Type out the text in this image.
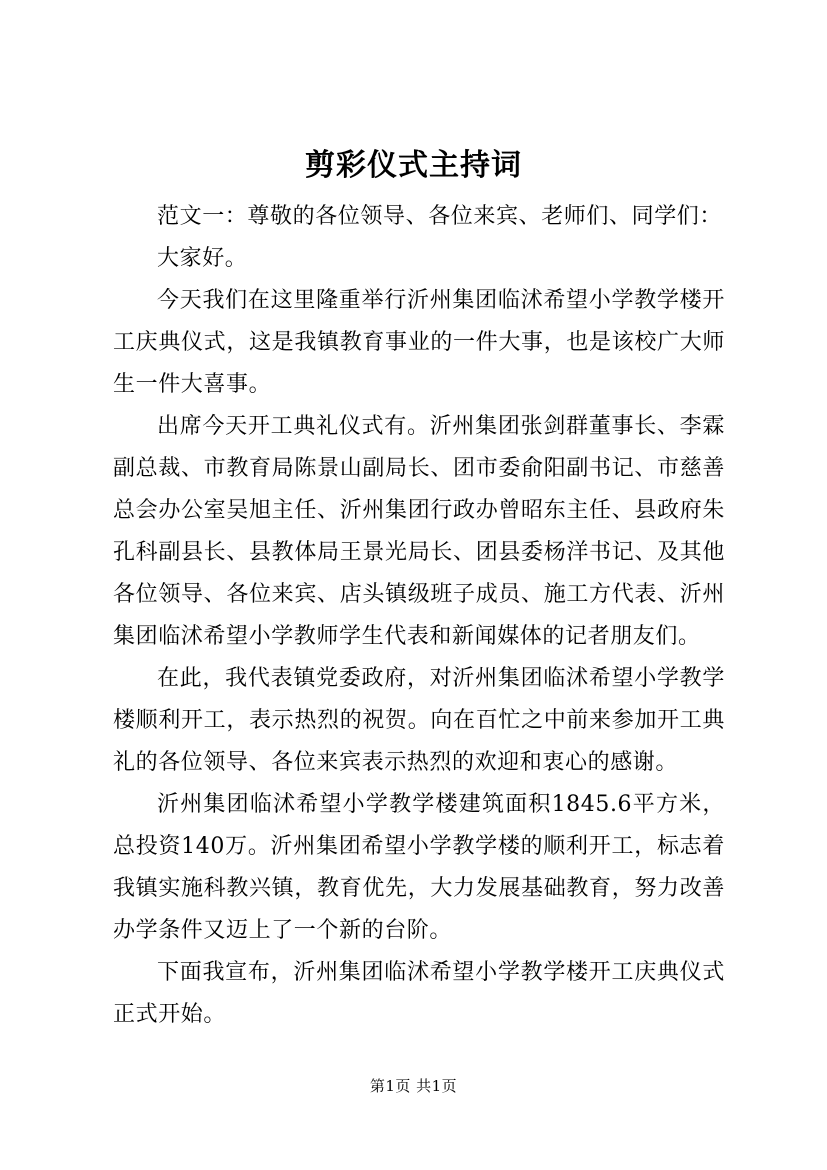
剪彩仪式主持词

范文一：尊敬的各位领导、各位来宾、老师们、同学们：

大家好。

今天我们在这里隆重举行沂州集团临沭希望小学教学楼开工庆典仪式，这是我镇教育事业的一件大事，也是该校广大师生一件大喜事。

出席今天开工典礼仪式有。沂州集团张剑群董事长、李霖副总裁、市教育局陈景山副局长、团市委俞阳副书记、市慈善总会办公室吴旭主任、沂州集团行政办曾昭东主任、县政府朱孔科副县长、县教体局王景光局长、团县委杨洋书记、及其他各位领导、各位来宾、店头镇级班子成员、施工方代表、沂州集团临沭希望小学教师学生代表和新闻媒体的记者朋友们。

在此，我代表镇党委政府，对沂州集团临沭希望小学教学楼顺利开工，表示热烈的祝贺。向在百忙之中前来参加开工典礼的各位领导、各位来宾表示热烈的欢迎和衷心的感谢。

沂州集团临沭希望小学教学楼建筑面积1845.6平方米，总投资140万。沂州集团希望小学教学楼的顺利开工，标志着我镇实施科教兴镇，教育优先，大力发展基础教育，努力改善办学条件又迈上了一个新的台阶。

下面我宣布，沂州集团临沭希望小学教学楼开工庆典仪式正式开始。

第1页 共1页
